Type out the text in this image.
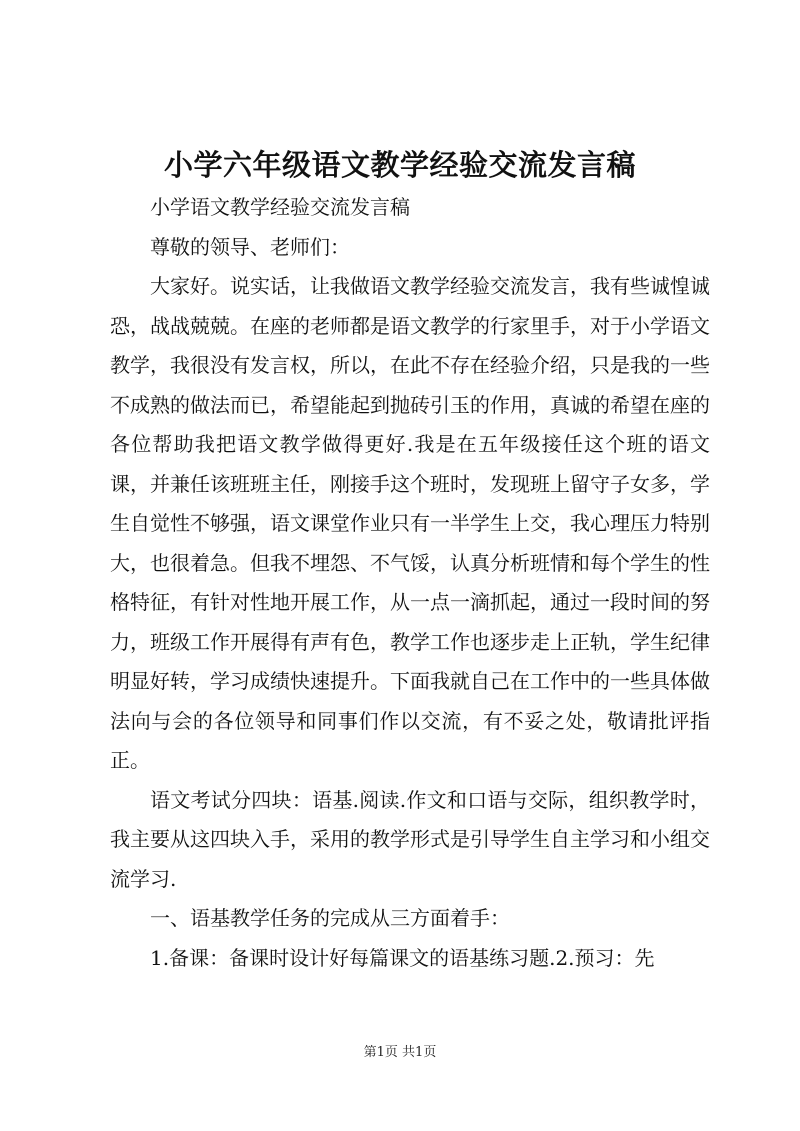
小学六年级语文教学经验交流发言稿

小学语文教学经验交流发言稿

尊敬的领导、老师们：

大家好。说实话，让我做语文教学经验交流发言，我有些诚惶诚恐，战战兢兢。在座的老师都是语文教学的行家里手，对于小学语文教学，我很没有发言权，所以，在此不存在经验介绍，只是我的一些不成熟的做法而已，希望能起到抛砖引玉的作用，真诚的希望在座的各位帮助我把语文教学做得更好.我是在五年级接任这个班的语文课，并兼任该班班主任，刚接手这个班时，发现班上留守子女多，学生自觉性不够强，语文课堂作业只有一半学生上交，我心理压力特别大，也很着急。但我不埋怨、不气馁，认真分析班情和每个学生的性格特征，有针对性地开展工作，从一点一滴抓起，通过一段时间的努力，班级工作开展得有声有色，教学工作也逐步走上正轨，学生纪律明显好转，学习成绩快速提升。下面我就自己在工作中的一些具体做法向与会的各位领导和同事们作以交流，有不妥之处，敬请批评指正。

语文考试分四块：语基.阅读.作文和口语与交际，组织教学时，我主要从这四块入手，采用的教学形式是引导学生自主学习和小组交流学习.

一、语基教学任务的完成从三方面着手：

1.备课：备课时设计好每篇课文的语基练习题.2.预习：先

第1页 共1页
